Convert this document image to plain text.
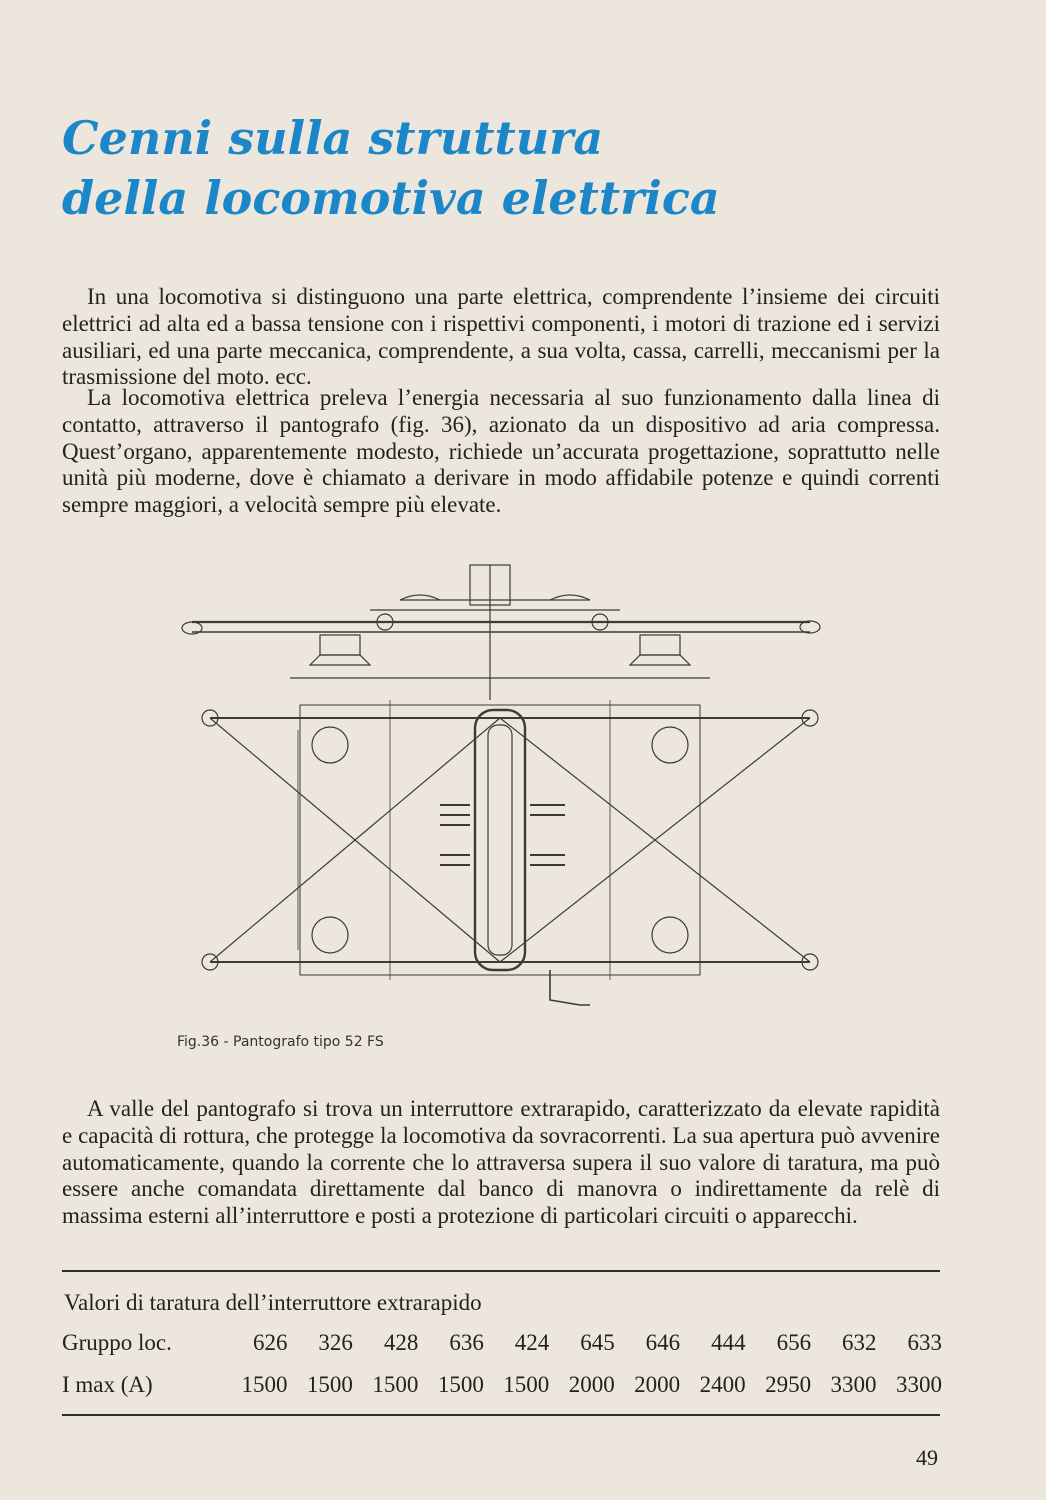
Cenni sulla struttura
della locomotiva elettrica

In una locomotiva si distinguono una parte elettrica, comprendente l’insieme dei circuiti elettrici ad alta ed a bassa tensione con i rispettivi componenti, i motori di trazione ed i servizi ausiliari, ed una parte meccanica, comprendente, a sua volta, cassa, carrelli, meccanismi per la trasmissione del moto. ecc.

La locomotiva elettrica preleva l’energia necessaria al suo funzionamento dalla linea di contatto, attraverso il pantografo (fig. 36), azionato da un dispositivo ad aria compressa. Quest’organo, apparentemente modesto, richiede un’accurata progettazione, soprattutto nelle unità più moderne, dove è chiamato a derivare in modo affidabile potenze e quindi correnti sempre maggiori, a velocità sempre più elevate.

Fig.36 - Pantografo tipo 52 FS

A valle del pantografo si trova un interruttore extrarapido, caratterizzato da elevate rapidità e capacità di rottura, che protegge la locomotiva da sovracorrenti. La sua apertura può avvenire automaticamente, quando la corrente che lo attraversa supera il suo valore di taratura, ma può essere anche comandata direttamente dal banco di manovra o indirettamente da relè di massima esterni all’interruttore e posti a protezione di particolari circuiti o apparecchi.

Valori di taratura dell’interruttore extrarapido
Gruppo loc.	626	326	428	636	424	645	646	444	656	632	633
I max (A)	1500	1500	1500	1500	1500	2000	2000	2400	2950	3300	3300
49
